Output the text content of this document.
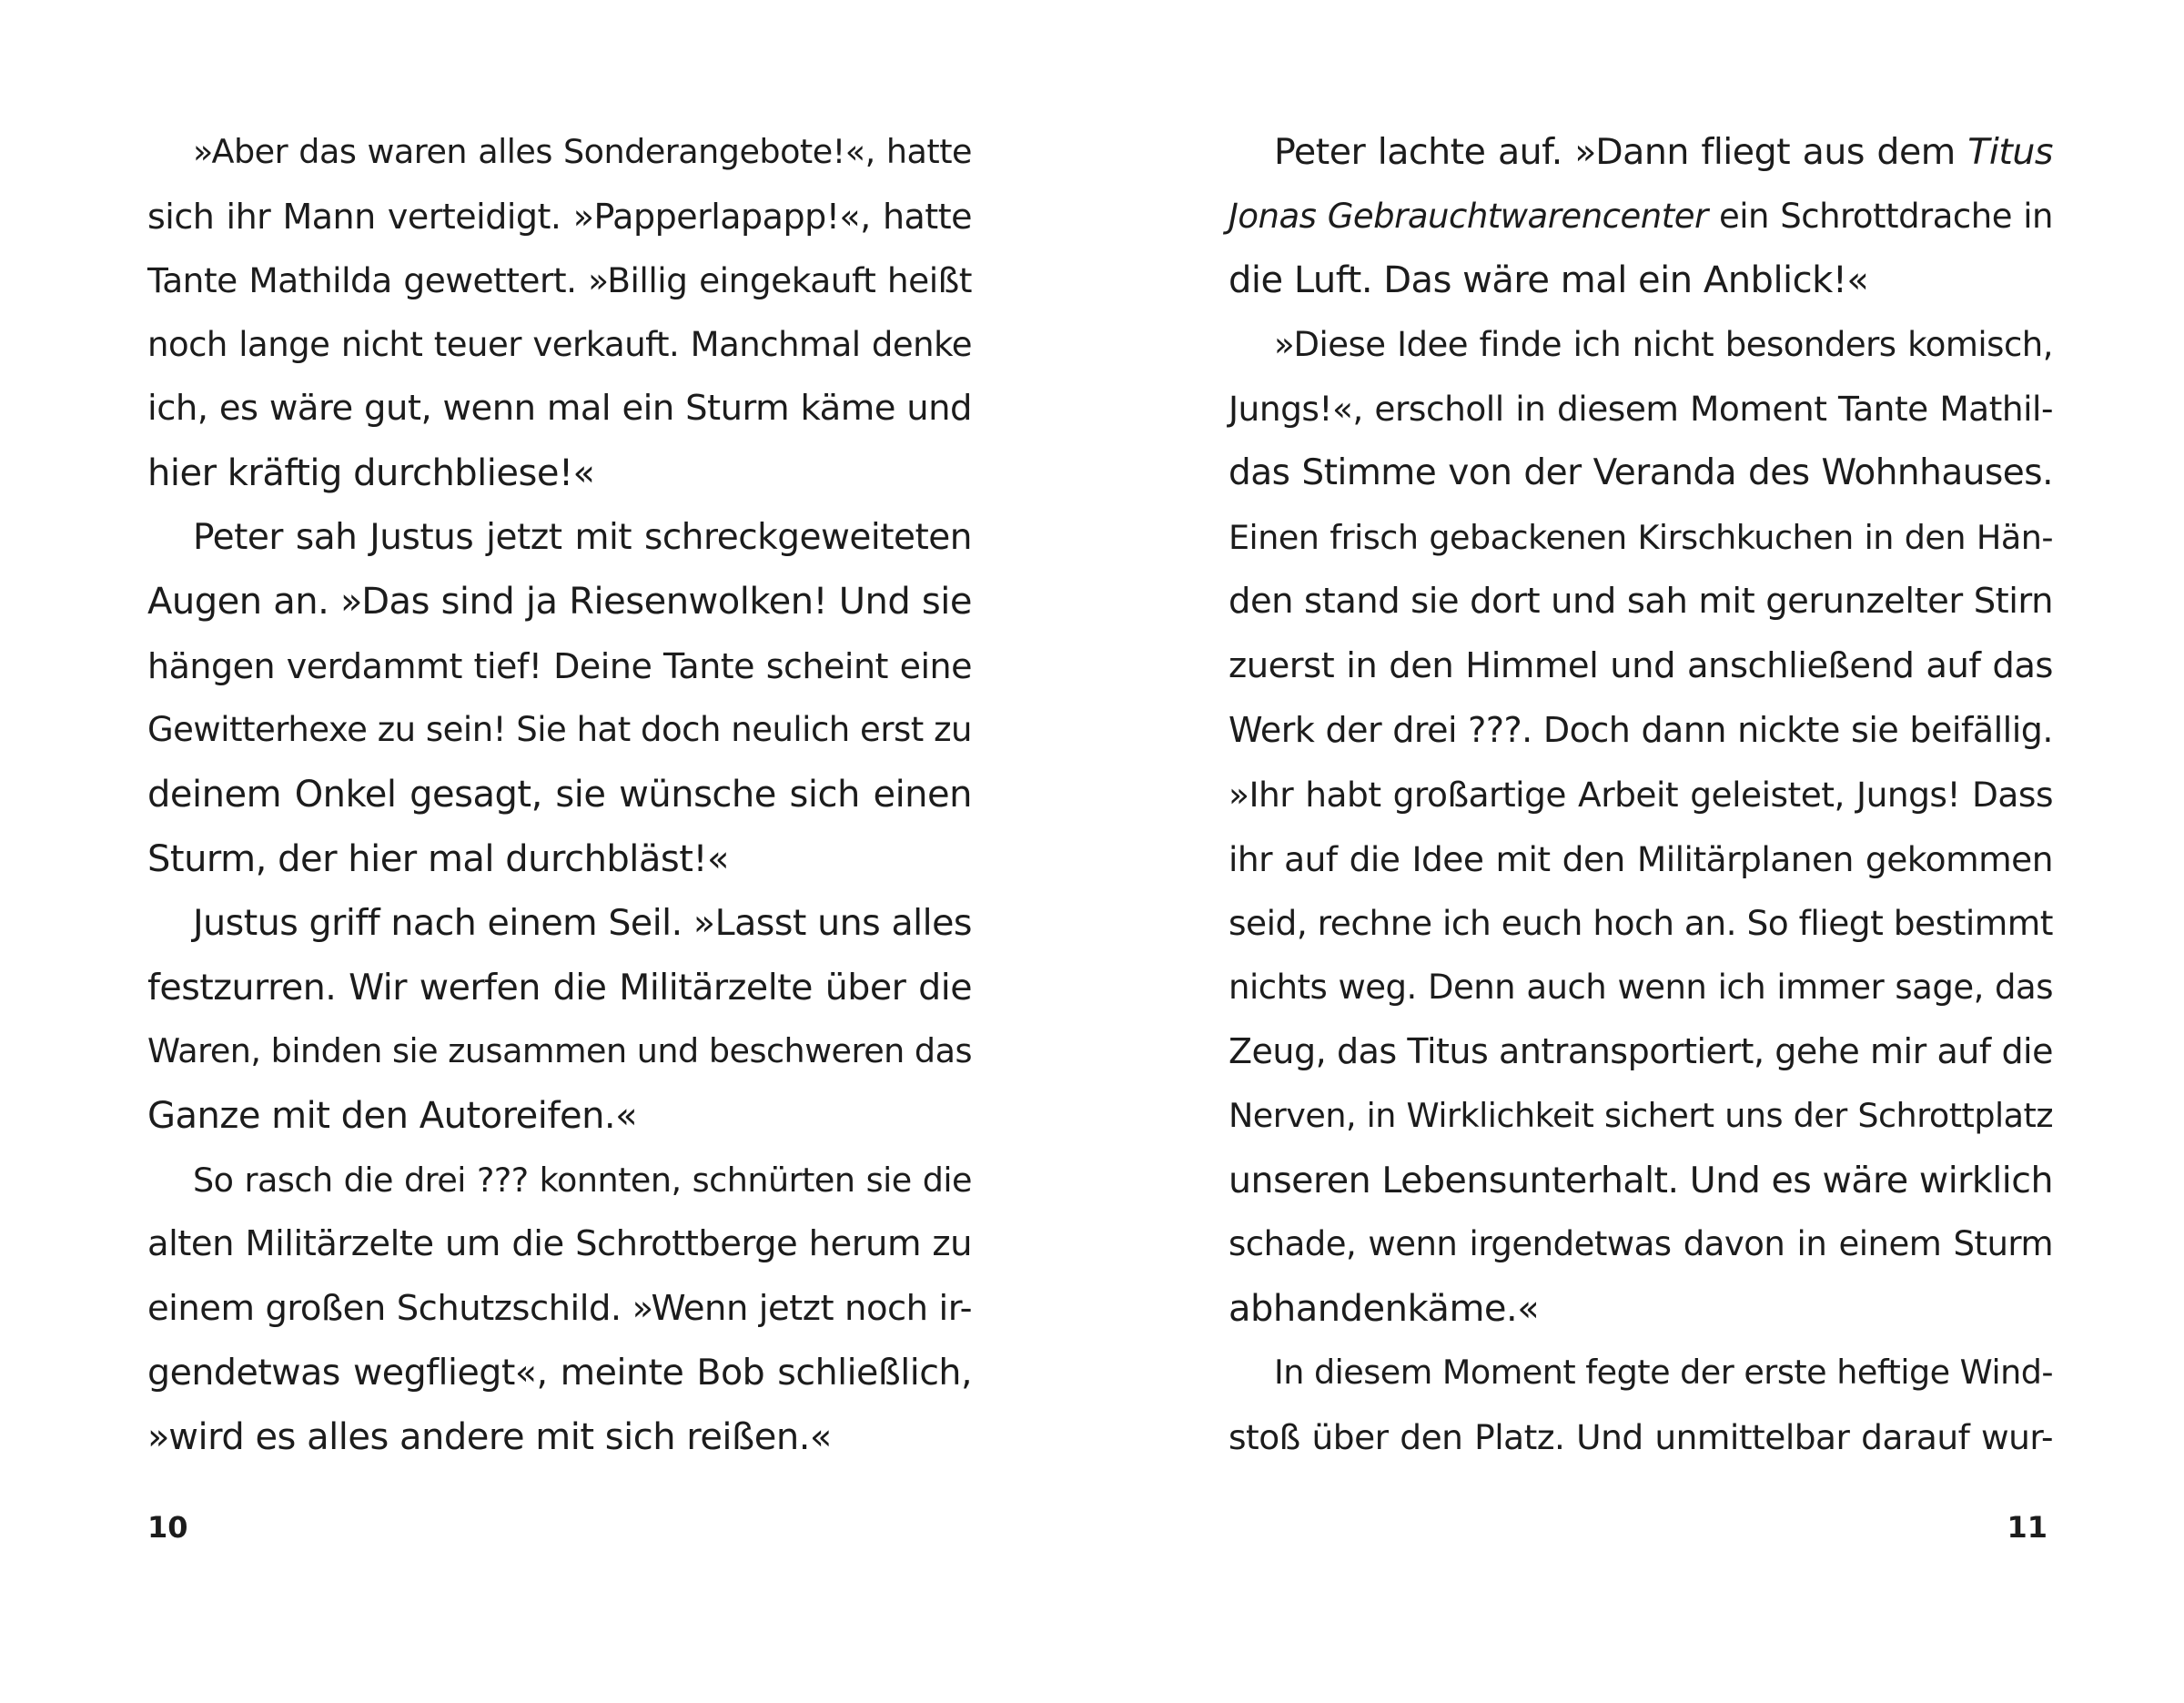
»Aber das waren alles Sonderangebote!«, hatte
sich ihr Mann verteidigt. »Papperlapapp!«, hatte
Tante Mathilda gewettert. »Billig eingekauft heißt
noch lange nicht teuer verkauft. Manchmal denke
ich, es wäre gut, wenn mal ein Sturm käme und
hier kräftig durchbliese!«
Peter sah Justus jetzt mit schreckgeweiteten
Augen an. »Das sind ja Riesenwolken! Und sie
hängen verdammt tief! Deine Tante scheint eine
Gewitterhexe zu sein! Sie hat doch neulich erst zu
deinem Onkel gesagt, sie wünsche sich einen
Sturm, der hier mal durchbläst!«
Justus griff nach einem Seil. »Lasst uns alles
festzurren. Wir werfen die Militärzelte über die
Waren, binden sie zusammen und beschweren das
Ganze mit den Autoreifen.«
So rasch die drei ??? konnten, schnürten sie die
alten Militärzelte um die Schrottberge herum zu
einem großen Schutzschild. »Wenn jetzt noch ir-
gendetwas wegfliegt«, meinte Bob schließlich,
»wird es alles andere mit sich reißen.«
10
Peter lachte auf. »Dann fliegt aus dem Titus
Jonas Gebrauchtwarencenter ein Schrottdrache in
die Luft. Das wäre mal ein Anblick!«
»Diese Idee finde ich nicht besonders komisch,
Jungs!«, erscholl in diesem Moment Tante Mathil-
das Stimme von der Veranda des Wohnhauses.
Einen frisch gebackenen Kirschkuchen in den Hän-
den stand sie dort und sah mit gerunzelter Stirn
zuerst in den Himmel und anschließend auf das
Werk der drei ???. Doch dann nickte sie beifällig.
»Ihr habt großartige Arbeit geleistet, Jungs! Dass
ihr auf die Idee mit den Militärplanen gekommen
seid, rechne ich euch hoch an. So fliegt bestimmt
nichts weg. Denn auch wenn ich immer sage, das
Zeug, das Titus antransportiert, gehe mir auf die
Nerven, in Wirklichkeit sichert uns der Schrottplatz
unseren Lebensunterhalt. Und es wäre wirklich
schade, wenn irgendetwas davon in einem Sturm
abhandenkäme.«
In diesem Moment fegte der erste heftige Wind-
stoß über den Platz. Und unmittelbar darauf wur-
11
